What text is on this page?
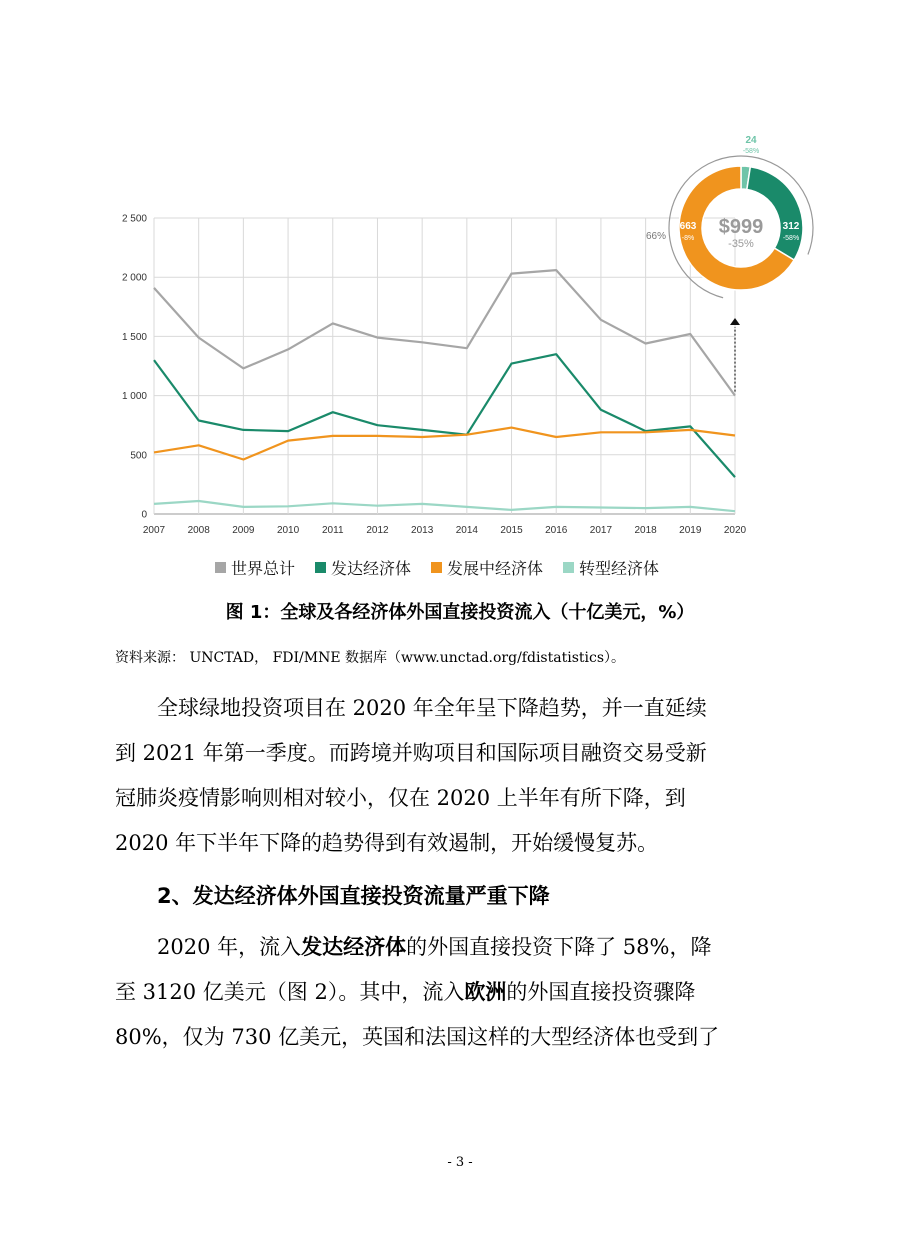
0
500
1 000
1 500
2 000
2 500
2007 2008 2009 2010 2011 2012 2013 2014 2015 2016 2017 2018 2019 2020
$999
-35%
24
-58%
312
-58%
663
-8%
66%
世界总计 发达经济体 发展中经济体 转型经济体
图 1：全球及各经济体外国直接投资流入（十亿美元，%）
资料来源： UNCTAD， FDI/MNE 数据库（www.unctad.org/fdistatistics）。
全球绿地投资项目在 2020 年全年呈下降趋势，并一直延续
到 2021 年第一季度。而跨境并购项目和国际项目融资交易受新
冠肺炎疫情影响则相对较小，仅在 2020 上半年有所下降，到
2020 年下半年下降的趋势得到有效遏制，开始缓慢复苏。
2、发达经济体外国直接投资流量严重下降
2020 年，流入发达经济体的外国直接投资下降了 58%，降
至 3120 亿美元（图 2）。其中，流入欧洲的外国直接投资骤降
80%，仅为 730 亿美元，英国和法国这样的大型经济体也受到了
- 3 -
